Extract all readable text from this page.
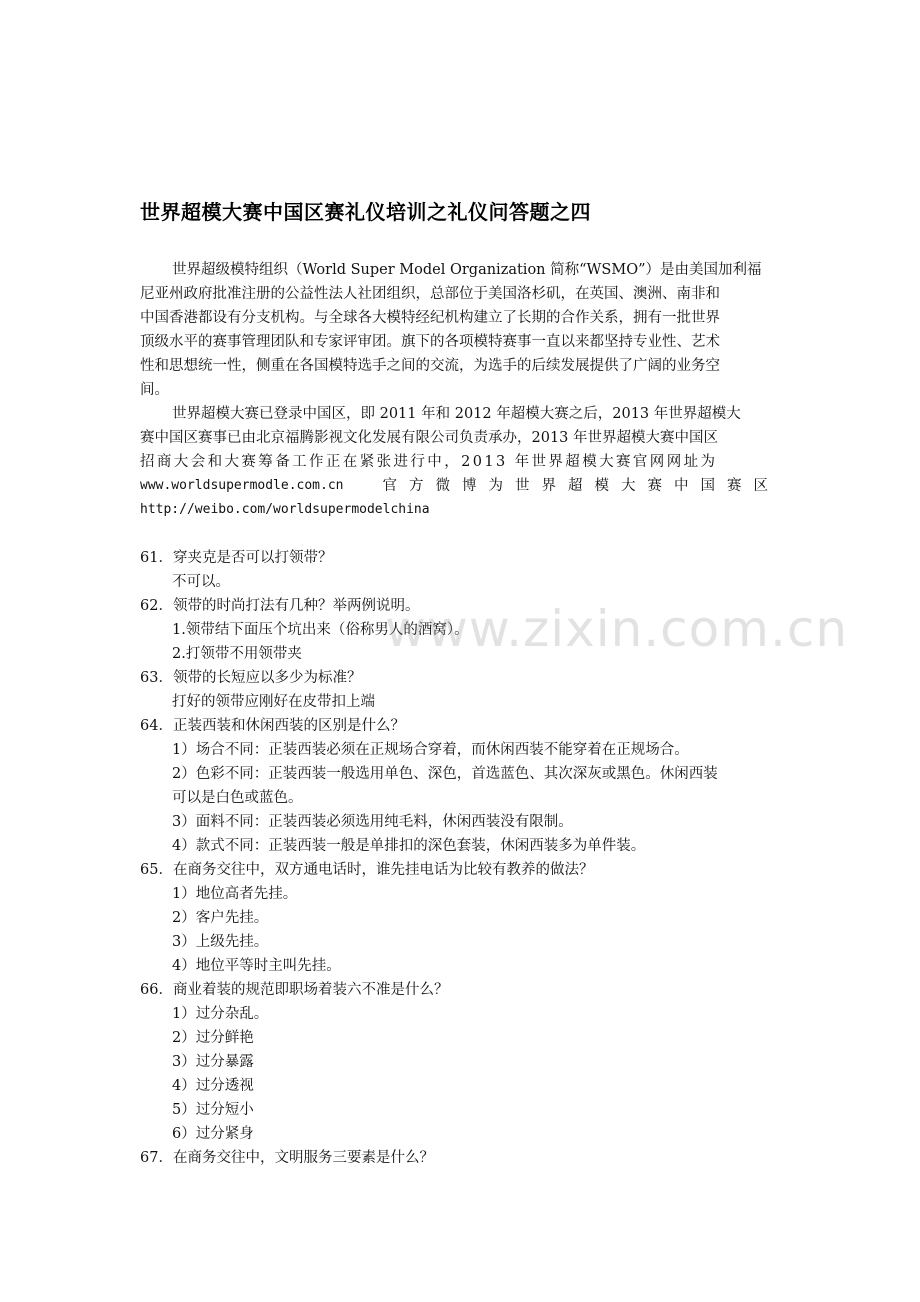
世界超模大赛中国区赛礼仪培训之礼仪问答题之四
世界超级模特组织（World Super Model Organization 简称“WSMO”）是由美国加利福
尼亚州政府批准注册的公益性法人社团组织，总部位于美国洛杉矶，在英国、澳洲、南非和
中国香港都设有分支机构。与全球各大模特经纪机构建立了长期的合作关系，拥有一批世界
顶级水平的赛事管理团队和专家评审团。旗下的各项模特赛事一直以来都坚持专业性、艺术
性和思想统一性，侧重在各国模特选手之间的交流，为选手的后续发展提供了广阔的业务空
间。
世界超模大赛已登录中国区，即 2011 年和 2012 年超模大赛之后，2013 年世界超模大
赛中国区赛事已由北京福腾影视文化发展有限公司负责承办，2013 年世界超模大赛中国区
招商大会和大赛筹备工作正在紧张进行中，2013 年世界超模大赛官网网址为
www.worldsupermodle.com.cn	官方微博为世界超模大赛中国赛区
http://weibo.com/worldsupermodelchina
61．穿夹克是否可以打领带？
不可以。
62．领带的时尚打法有几种？举两例说明。
1.领带结下面压个坑出来（俗称男人的酒窝）。
2.打领带不用领带夹
63．领带的长短应以多少为标准？
打好的领带应刚好在皮带扣上端
64．正装西装和休闲西装的区别是什么？
1）场合不同：正装西装必须在正规场合穿着，而休闲西装不能穿着在正规场合。
2）色彩不同：正装西装一般选用单色、深色，首选蓝色、其次深灰或黑色。休闲西装
可以是白色或蓝色。
3）面料不同：正装西装必须选用纯毛料，休闲西装没有限制。
4）款式不同：正装西装一般是单排扣的深色套装，休闲西装多为单件装。
65．在商务交往中，双方通电话时，谁先挂电话为比较有教养的做法？
1）地位高者先挂。
2）客户先挂。
3）上级先挂。
4）地位平等时主叫先挂。
66．商业着装的规范即职场着装六不准是什么？
1）过分杂乱。
2）过分鲜艳
3）过分暴露
4）过分透视
5）过分短小
6）过分紧身
67．在商务交往中，文明服务三要素是什么？
www.zixin.com.cn
